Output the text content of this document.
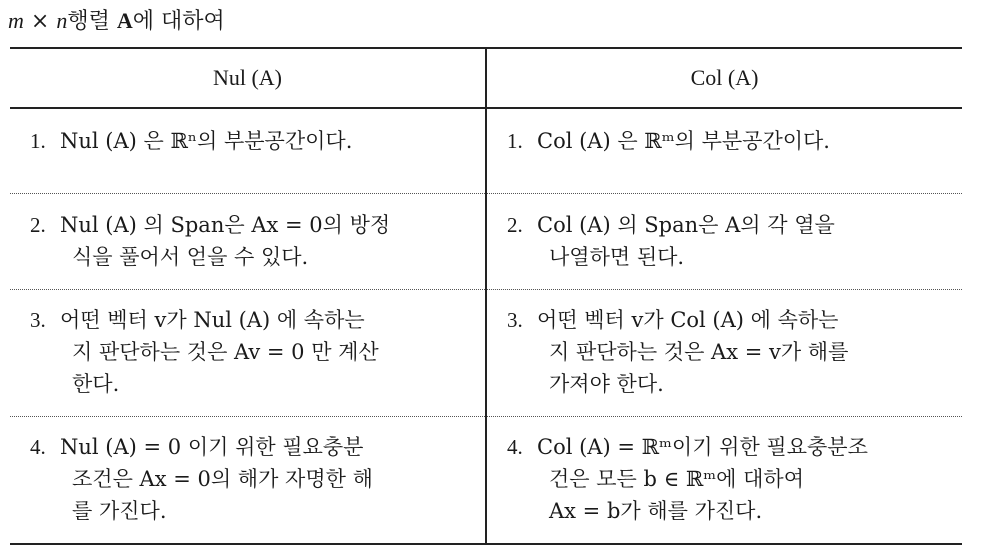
m × n행렬 A에 대하여
Nul (A)	Col (A)

1. Nul (A) 은 ℝⁿ의 부분공간이다.	1. Col (A) 은 ℝᵐ의 부분공간이다.

2. Nul (A) 의 Span은 Ax = 0의 방정
식을 풀어서 얻을 수 있다.	2. Col (A) 의 Span은 A의 각 열을
나열하면 된다.

3. 어떤 벡터 v가 Nul (A) 에 속하는
지 판단하는 것은 Av = 0 만 계산
한다.	3. 어떤 벡터 v가 Col (A) 에 속하는
지 판단하는 것은 Ax = v가 해를
가져야 한다.

4. Nul (A) = 0 이기 위한 필요충분
조건은 Ax = 0의 해가 자명한 해
를 가진다.	4. Col (A) = ℝᵐ이기 위한 필요충분조
건은 모든 b ∈ ℝᵐ에 대하여
Ax = b가 해를 가진다.
